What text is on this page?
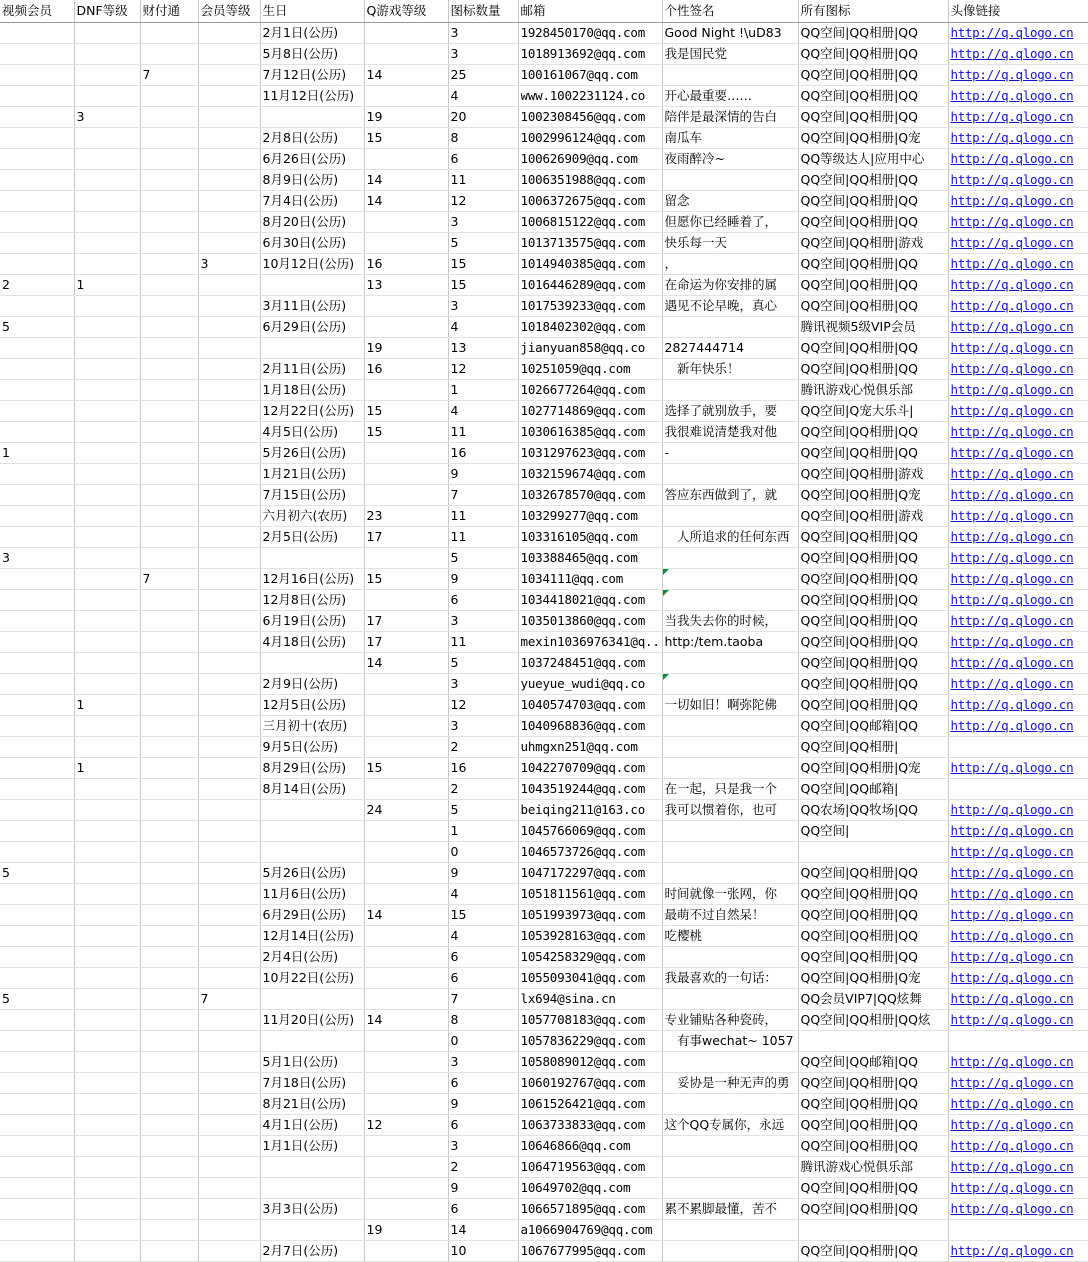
视频会员	DNF等级	财付通	会员等级	生日	Q游戏等级	图标数量	邮箱	个性签名	所有图标	头像链接

				2月1日(公历)		3	1928450170@qq.com	Good Night !\uD83	QQ空间|QQ相册|QQ	http://q.qlogo.cn

				5月8日(公历)		3	1018913692@qq.com	我是国民党	QQ空间|QQ相册|QQ	http://q.qlogo.cn

		7		7月12日(公历)	14	25	100161067@qq.com		QQ空间|QQ相册|QQ	http://q.qlogo.cn

				11月12日(公历)		4	www.1002231124.co	开心最重要……	QQ空间|QQ相册|QQ	http://q.qlogo.cn

	3				19	20	1002308456@qq.com	陪伴是最深情的告白	QQ空间|QQ相册|QQ	http://q.qlogo.cn

				2月8日(公历)	15	8	1002996124@qq.com	南瓜车	QQ空间|QQ相册|Q宠	http://q.qlogo.cn

				6月26日(公历)		6	100626909@qq.com	夜雨醉冷~	QQ等级达人|应用中心	http://q.qlogo.cn

				8月9日(公历)	14	11	1006351988@qq.com		QQ空间|QQ相册|QQ	http://q.qlogo.cn

				7月4日(公历)	14	12	1006372675@qq.com	留念	QQ空间|QQ相册|QQ	http://q.qlogo.cn

				8月20日(公历)		3	1006815122@qq.com	但愿你已经睡着了，	QQ空间|QQ相册|QQ	http://q.qlogo.cn

				6月30日(公历)		5	1013713575@qq.com	快乐每一天	QQ空间|QQ相册|游戏	http://q.qlogo.cn

			3	10月12日(公历)	16	15	1014940385@qq.com	，	QQ空间|QQ相册|QQ	http://q.qlogo.cn

2	1				13	15	1016446289@qq.com	在命运为你安排的属	QQ空间|QQ相册|QQ	http://q.qlogo.cn

				3月11日(公历)		3	1017539233@qq.com	遇见不论早晚，真心	QQ空间|QQ相册|QQ	http://q.qlogo.cn

5				6月29日(公历)		4	1018402302@qq.com		腾讯视频5级VIP会员	http://q.qlogo.cn

					19	13	jianyuan858@qq.co	2827444714	QQ空间|QQ相册|QQ	http://q.qlogo.cn

				2月11日(公历)	16	12	10251059@qq.com	　新年快乐！	QQ空间|QQ相册|QQ	http://q.qlogo.cn

				1月18日(公历)		1	1026677264@qq.com		腾讯游戏心悦俱乐部	http://q.qlogo.cn

				12月22日(公历)	15	4	1027714869@qq.com	选择了就别放手，要	QQ空间|Q宠大乐斗|	http://q.qlogo.cn

				4月5日(公历)	15	11	1030616385@qq.com	我很难说清楚我对他	QQ空间|QQ相册|QQ	http://q.qlogo.cn

1				5月26日(公历)		16	1031297623@qq.com	-	QQ空间|QQ相册|QQ	http://q.qlogo.cn

				1月21日(公历)		9	1032159674@qq.com		QQ空间|QQ相册|游戏	http://q.qlogo.cn

				7月15日(公历)		7	1032678570@qq.com	答应东西做到了，就	QQ空间|QQ相册|Q宠	http://q.qlogo.cn

				六月初六(农历)	23	11	103299277@qq.com		QQ空间|QQ相册|游戏	http://q.qlogo.cn

				2月5日(公历)	17	11	103316105@qq.com	　人所追求的任何东西	QQ空间|QQ相册|QQ	http://q.qlogo.cn

3						5	103388465@qq.com		QQ空间|QQ相册|QQ	http://q.qlogo.cn

		7		12月16日(公历)	15	9	1034111@qq.com		QQ空间|QQ相册|QQ	http://q.qlogo.cn

				12月8日(公历)		6	1034418021@qq.com		QQ空间|QQ相册|QQ	http://q.qlogo.cn

				6月19日(公历)	17	3	1035013860@qq.com	当我失去你的时候，	QQ空间|QQ相册|QQ	http://q.qlogo.cn

				4月18日(公历)	17	11	mexin1036976341@q..	http:/tem.taoba	QQ空间|QQ相册|QQ	http://q.qlogo.cn

					14	5	1037248451@qq.com		QQ空间|QQ相册|QQ	http://q.qlogo.cn

				2月9日(公历)		3	yueyue_wudi@qq.co		QQ空间|QQ相册|QQ	http://q.qlogo.cn

	1			12月5日(公历)		12	1040574703@qq.com	一切如旧！啊弥陀佛	QQ空间|QQ相册|QQ	http://q.qlogo.cn

				三月初十(农历)		3	1040968836@qq.com		QQ空间|QQ邮箱|QQ	http://q.qlogo.cn

				9月5日(公历)		2	uhmgxn251@qq.com		QQ空间|QQ相册|	

	1			8月29日(公历)	15	16	1042270709@qq.com		QQ空间|QQ相册|Q宠	http://q.qlogo.cn

				8月14日(公历)		2	1043519244@qq.com	在一起，只是我一个	QQ空间|QQ邮箱|	

					24	5	beiqing211@163.co	我可以惯着你，也可	QQ农场|QQ牧场|QQ	http://q.qlogo.cn

						1	1045766069@qq.com		QQ空间|	http://q.qlogo.cn

						0	1046573726@qq.com			http://q.qlogo.cn

5				5月26日(公历)		9	1047172297@qq.com		QQ空间|QQ相册|QQ	http://q.qlogo.cn

				11月6日(公历)		4	1051811561@qq.com	时间就像一张网，你	QQ空间|QQ相册|QQ	http://q.qlogo.cn

				6月29日(公历)	14	15	1051993973@qq.com	最萌不过自然呆！	QQ空间|QQ相册|QQ	http://q.qlogo.cn

				12月14日(公历)		4	1053928163@qq.com	吃樱桃	QQ空间|QQ相册|QQ	http://q.qlogo.cn

				2月4日(公历)		6	1054258329@qq.com		QQ空间|QQ相册|QQ	http://q.qlogo.cn

				10月22日(公历)		6	1055093041@qq.com	我最喜欢的一句话：	QQ空间|QQ相册|Q宠	http://q.qlogo.cn

5			7			7	lx694@sina.cn		QQ会员VIP7|QQ炫舞	http://q.qlogo.cn

				11月20日(公历)	14	8	1057708183@qq.com	专业铺贴各种瓷砖，	QQ空间|QQ相册|QQ炫	http://q.qlogo.cn

						0	1057836229@qq.com	　有事wechat~ 1057		

				5月1日(公历)		3	1058089012@qq.com		QQ空间|QQ邮箱|QQ	http://q.qlogo.cn

				7月18日(公历)		6	1060192767@qq.com	　妥协是一种无声的勇	QQ空间|QQ相册|QQ	http://q.qlogo.cn

				8月21日(公历)		9	1061526421@qq.com		QQ空间|QQ相册|QQ	http://q.qlogo.cn

				4月1日(公历)	12	6	1063733833@qq.com	这个QQ专属你，永远	QQ空间|QQ相册|QQ	http://q.qlogo.cn

				1月1日(公历)		3	10646866@qq.com		QQ空间|QQ相册|QQ	http://q.qlogo.cn

						2	1064719563@qq.com		腾讯游戏心悦俱乐部	http://q.qlogo.cn

						9	10649702@qq.com		QQ空间|QQ相册|QQ	http://q.qlogo.cn

				3月3日(公历)		6	1066571895@qq.com	累不累脚最懂，苦不	QQ空间|QQ相册|QQ	http://q.qlogo.cn

					19	14	a1066904769@qq.com			

				2月7日(公历)		10	1067677995@qq.com		QQ空间|QQ相册|QQ	http://q.qlogo.cn
